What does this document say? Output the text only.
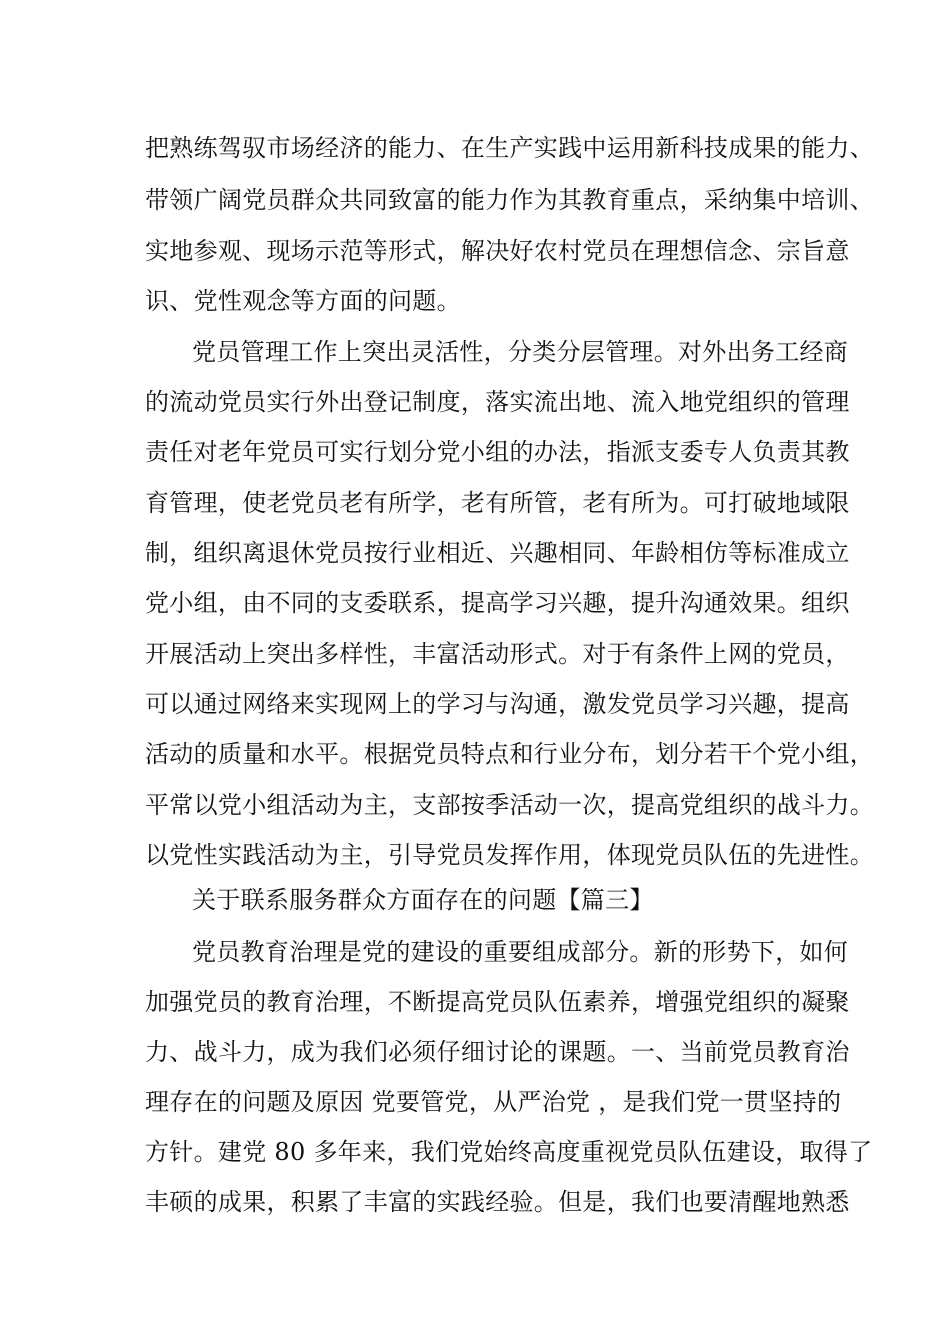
把熟练驾驭市场经济的能力、在生产实践中运用新科技成果的能力、
带领广阔党员群众共同致富的能力作为其教育重点，采纳集中培训、
实地参观、现场示范等形式，解决好农村党员在理想信念、宗旨意
识、党性观念等方面的问题。
党员管理工作上突出灵活性，分类分层管理。对外出务工经商
的流动党员实行外出登记制度，落实流出地、流入地党组织的管理
责任对老年党员可实行划分党小组的办法，指派支委专人负责其教
育管理，使老党员老有所学，老有所管，老有所为。可打破地域限
制，组织离退休党员按行业相近、兴趣相同、年龄相仿等标准成立
党小组，由不同的支委联系，提高学习兴趣，提升沟通效果。组织
开展活动上突出多样性，丰富活动形式。对于有条件上网的党员，
可以通过网络来实现网上的学习与沟通，激发党员学习兴趣，提高
活动的质量和水平。根据党员特点和行业分布，划分若干个党小组，
平常以党小组活动为主，支部按季活动一次，提高党组织的战斗力。
以党性实践活动为主，引导党员发挥作用，体现党员队伍的先进性。
关于联系服务群众方面存在的问题【篇三】
党员教育治理是党的建设的重要组成部分。新的形势下，如何
加强党员的教育治理，不断提高党员队伍素养，增强党组织的凝聚
力、战斗力，成为我们必须仔细讨论的课题。一、当前党员教育治
理存在的问题及原因 党要管党，从严治党 ，是我们党一贯坚持的
方针。建党 80 多年来，我们党始终高度重视党员队伍建设，取得了
丰硕的成果，积累了丰富的实践经验。但是，我们也要清醒地熟悉
